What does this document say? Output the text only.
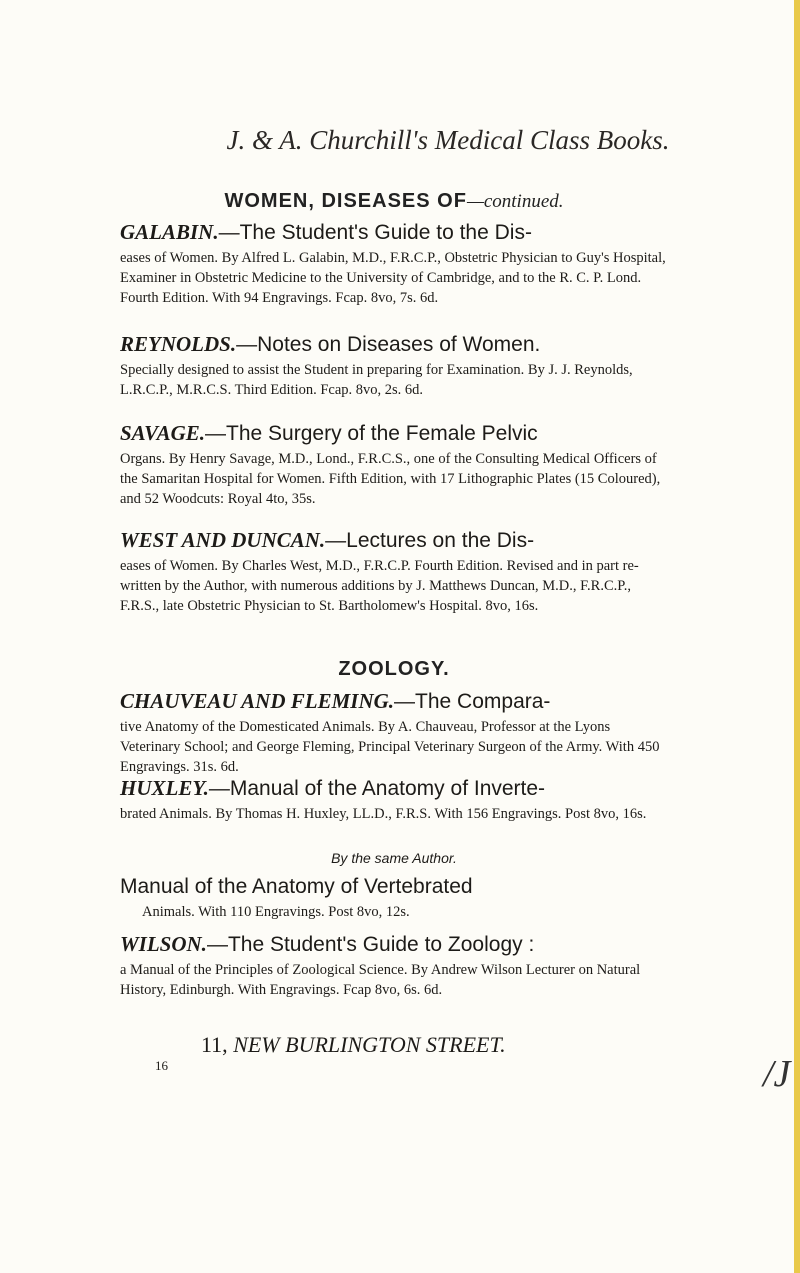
J. & A. Churchill's Medical Class Books.
WOMEN, DISEASES OF—continued.
GALABIN.—The Student's Guide to the Dis-
eases of Women. By Alfred L. Galabin, M.D., F.R.C.P., Obstetric Physician to Guy's Hospital, Examiner in Obstetric Medicine to the University of Cambridge, and to the R. C. P. Lond. Fourth Edition. With 94 Engravings. Fcap. 8vo, 7s. 6d.
REYNOLDS.—Notes on Diseases of Women.
Specially designed to assist the Student in preparing for Examination. By J. J. Reynolds, L.R.C.P., M.R.C.S. Third Edition. Fcap. 8vo, 2s. 6d.
SAVAGE.—The Surgery of the Female Pelvic
Organs. By Henry Savage, M.D., Lond., F.R.C.S., one of the Consulting Medical Officers of the Samaritan Hospital for Women. Fifth Edition, with 17 Lithographic Plates (15 Coloured), and 52 Woodcuts: Royal 4to, 35s.
WEST AND DUNCAN.—Lectures on the Dis-
eases of Women. By Charles West, M.D., F.R.C.P. Fourth Edition. Revised and in part re-written by the Author, with numerous additions by J. Matthews Duncan, M.D., F.R.C.P., F.R.S., late Obstetric Physician to St. Bartholomew's Hospital. 8vo, 16s.
ZOOLOGY.
CHAUVEAU AND FLEMING.—The Compara-
tive Anatomy of the Domesticated Animals. By A. Chauveau, Professor at the Lyons Veterinary School; and George Fleming, Principal Veterinary Surgeon of the Army. With 450 Engravings. 31s. 6d.
HUXLEY.—Manual of the Anatomy of Inverte-
brated Animals. By Thomas H. Huxley, LL.D., F.R.S. With 156 Engravings. Post 8vo, 16s.
By the same Author.
Manual of the Anatomy of Vertebrated
Animals. With 110 Engravings. Post 8vo, 12s.
WILSON.—The Student's Guide to Zoology :
a Manual of the Principles of Zoological Science. By Andrew Wilson Lecturer on Natural History, Edinburgh. With Engravings. Fcap 8vo, 6s. 6d.
11, NEW BURLINGTON STREET.
16	/J
